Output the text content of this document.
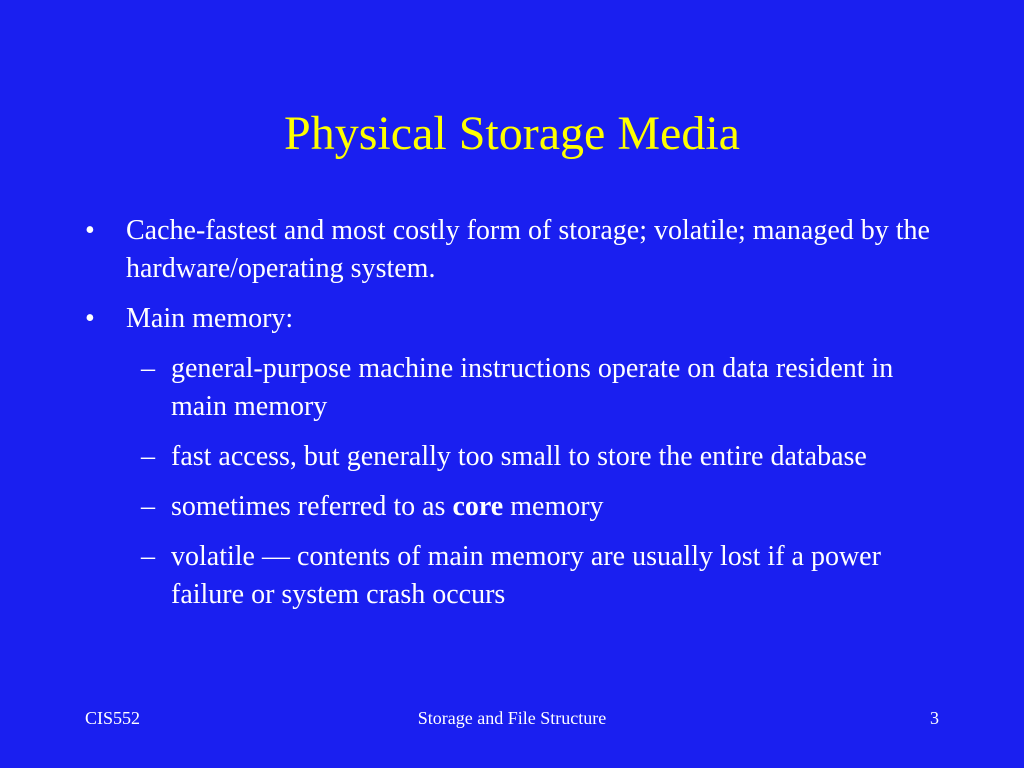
Physical Storage Media

• Cache-fastest and most costly form of storage; volatile; managed by the hardware/operating system.

• Main memory:

– general-purpose machine instructions operate on data resident in main memory

– fast access, but generally too small to store the entire database

– sometimes referred to as core memory

– volatile — contents of main memory are usually lost if a power failure or system crash occurs

CIS552	Storage and File Structure	3
